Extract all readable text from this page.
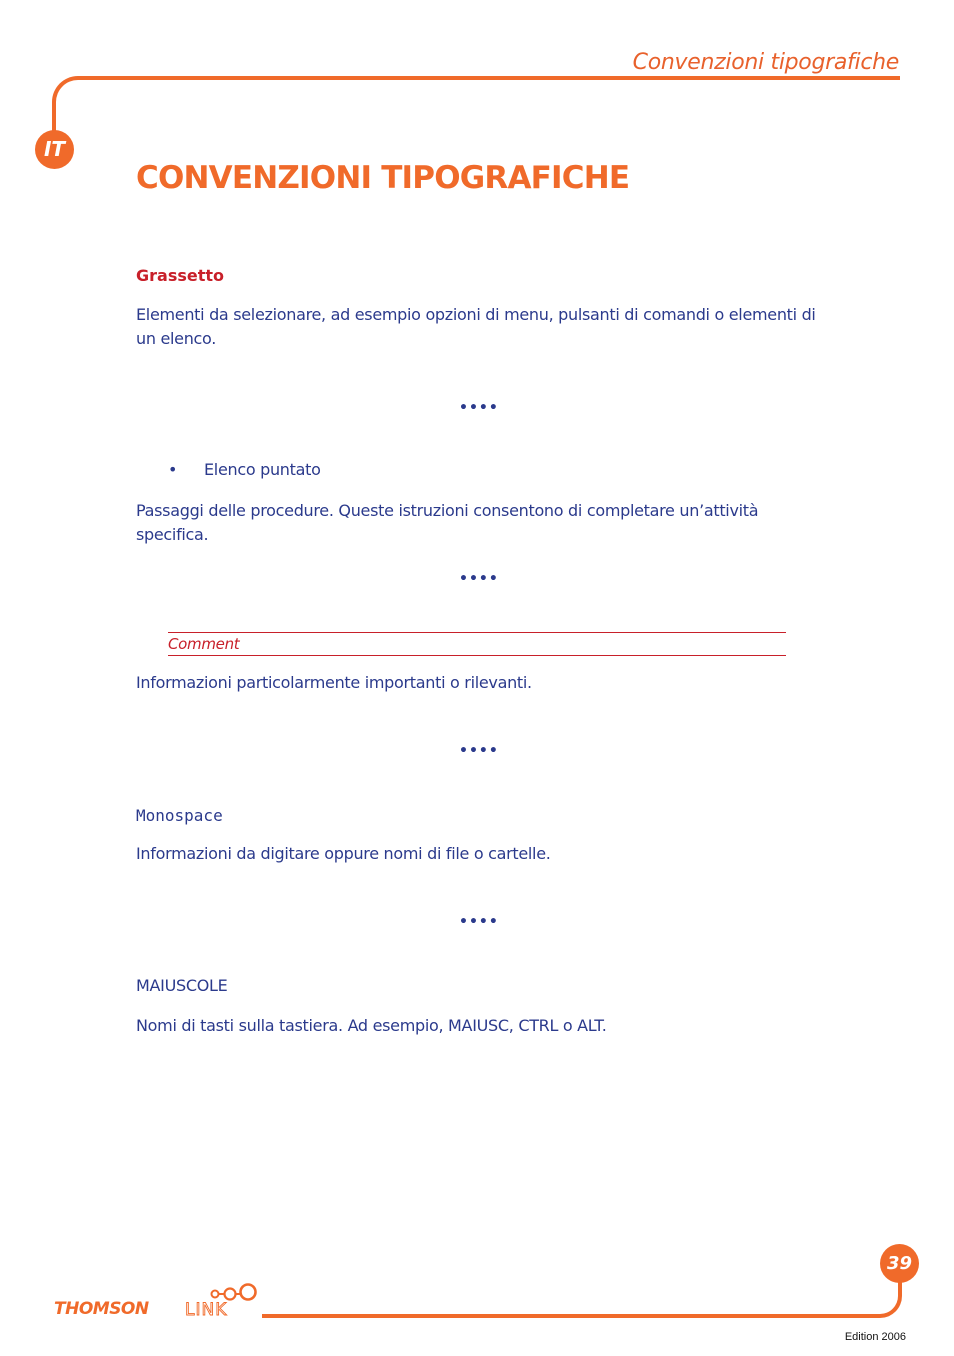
Convenzioni tipografiche
IT
CONVENZIONI TIPOGRAFICHE
Grassetto
Elementi da selezionare, ad esempio opzioni di menu, pulsanti di comandi o elementi di un elenco.
••••
• Elenco puntato
Passaggi delle procedure. Queste istruzioni consentono di completare un’attività specifica.
••••
Comment
Informazioni particolarmente importanti o rilevanti.
••••
Monospace
Informazioni da digitare oppure nomi di file o cartelle.
••••
MAIUSCOLE
Nomi di tasti sulla tastiera. Ad esempio, MAIUSC, CTRL o ALT.
39
THOMSON LINK
Edition 2006
